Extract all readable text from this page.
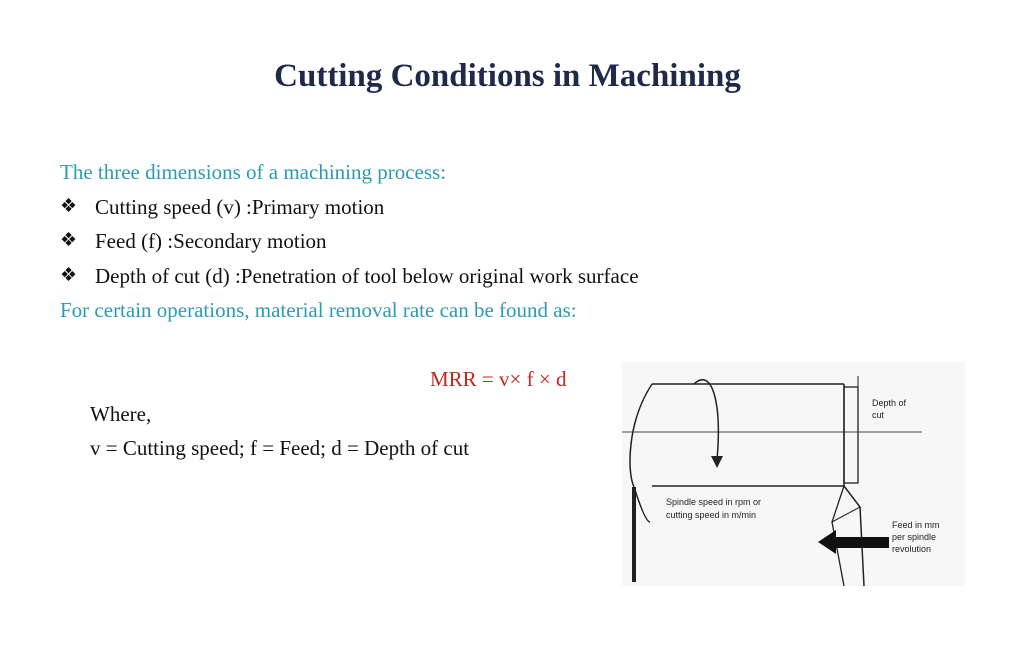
Cutting Conditions in Machining
The three dimensions of a machining process:
❖ Cutting speed (v) :Primary motion
❖ Feed (f) :Secondary motion
❖ Depth of cut (d) :Penetration of tool below original work surface
For certain operations, material removal rate can be found as:
MRR = v× f × d
Where,
v = Cutting speed; f = Feed; d = Depth of cut
Depth of
cut
Spindle speed in rpm or
cutting speed in m/min
Feed in mm
per spindle
revolution
